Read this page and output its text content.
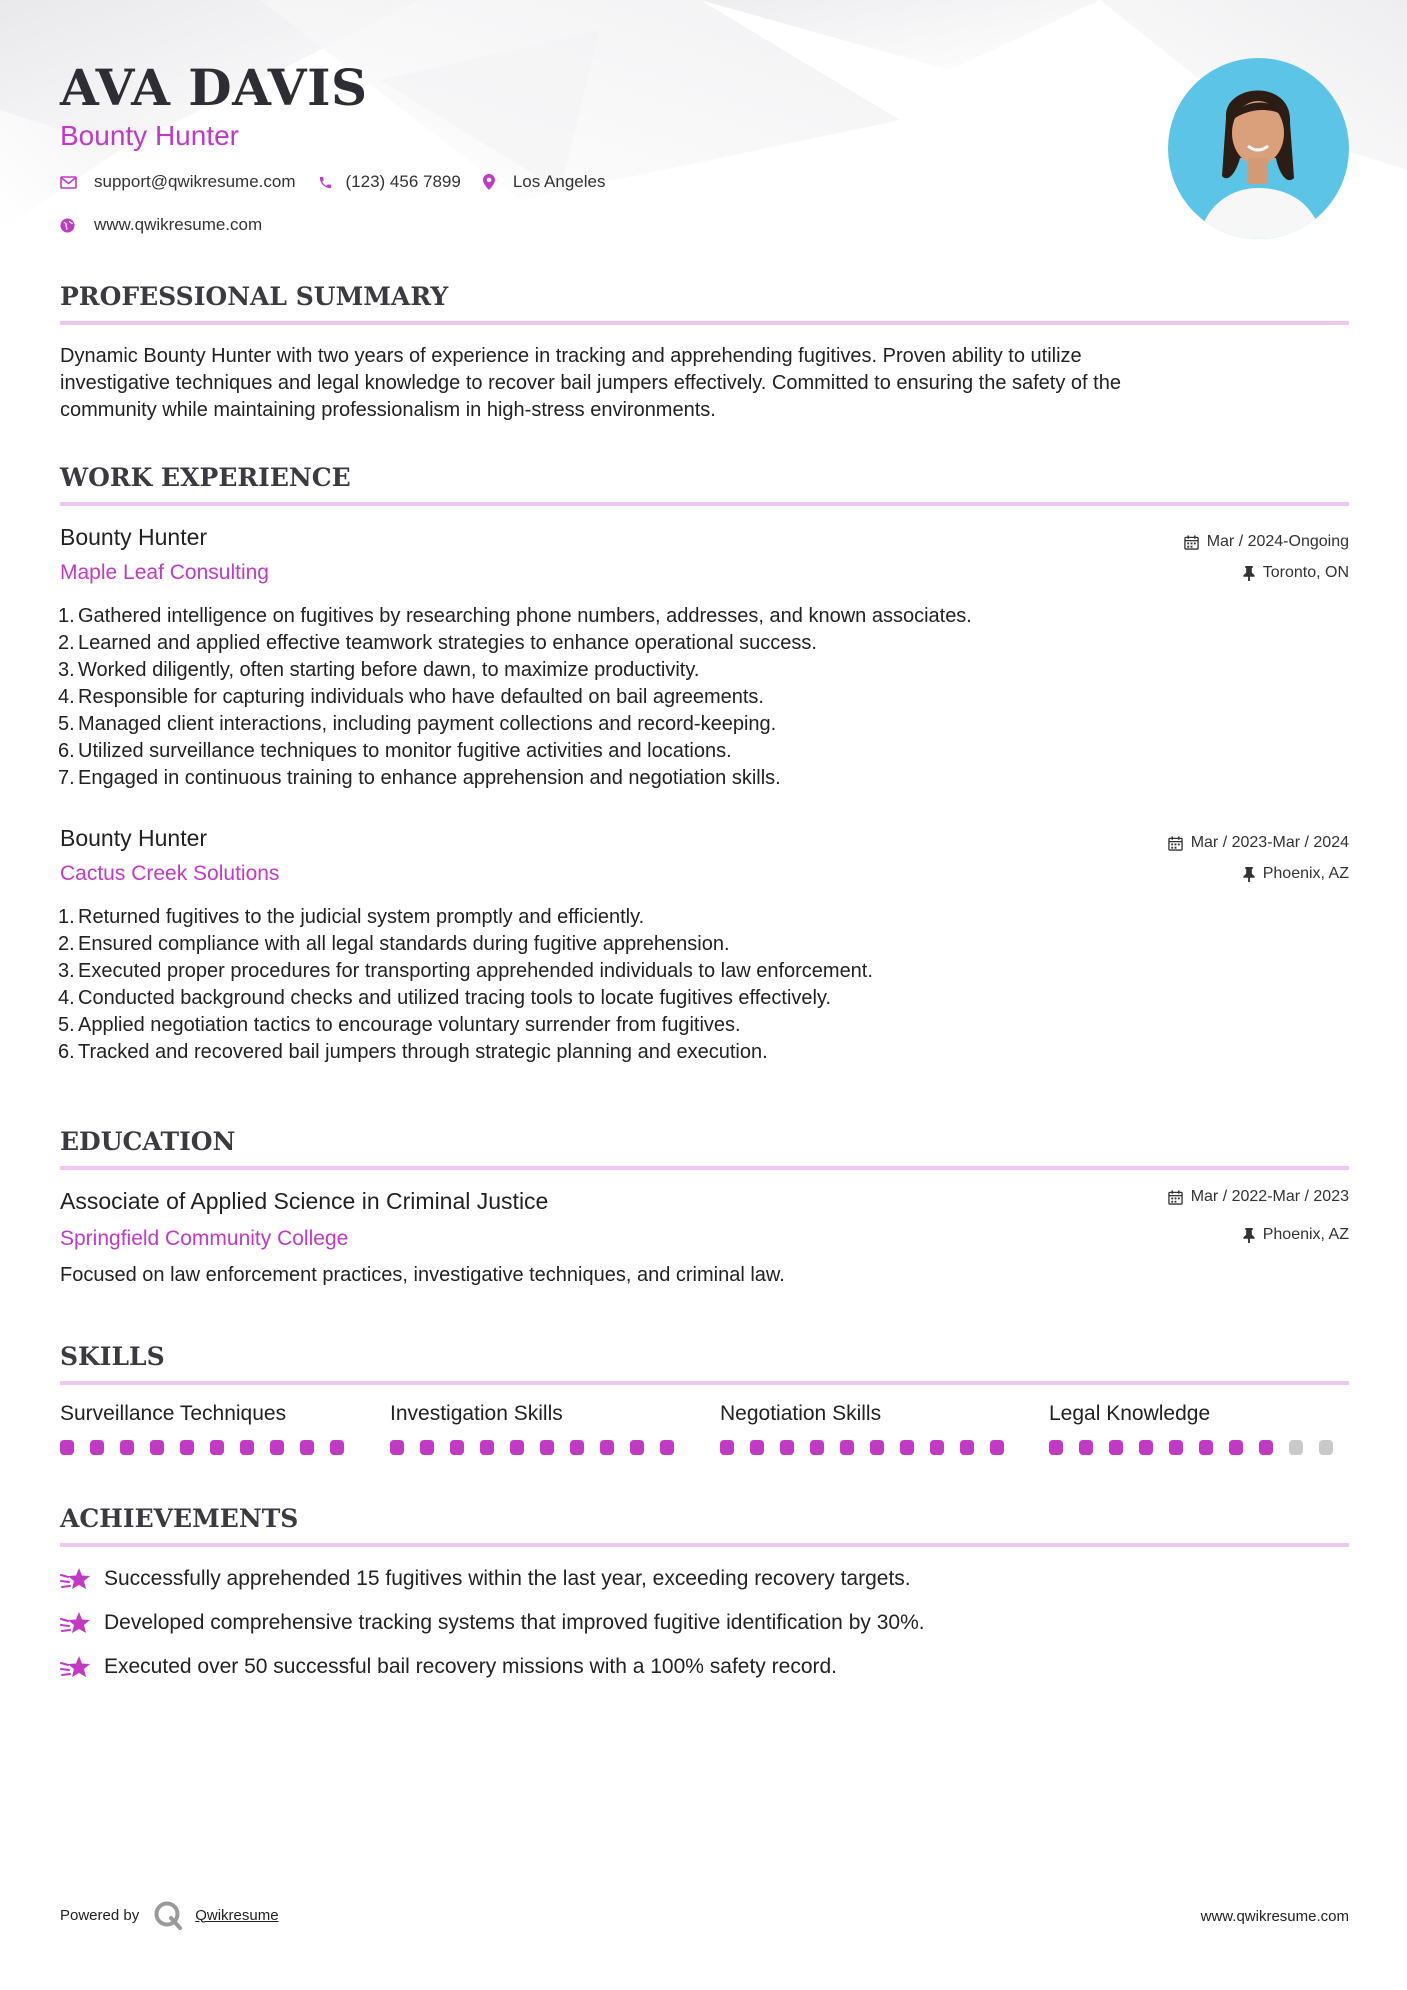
AVA DAVIS
Bounty Hunter
support@qwikresume.com	(123) 456 7899	Los Angeles
www.qwikresume.com
PROFESSIONAL SUMMARY
Dynamic Bounty Hunter with two years of experience in tracking and apprehending fugitives. Proven ability to utilize
investigative techniques and legal knowledge to recover bail jumpers effectively. Committed to ensuring the safety of the
community while maintaining professionalism in high-stress environments.
WORK EXPERIENCE
Bounty Hunter
Maple Leaf Consulting
Mar / 2024-Ongoing
Toronto, ON
1. Gathered intelligence on fugitives by researching phone numbers, addresses, and known associates.
2. Learned and applied effective teamwork strategies to enhance operational success.
3. Worked diligently, often starting before dawn, to maximize productivity.
4. Responsible for capturing individuals who have defaulted on bail agreements.
5. Managed client interactions, including payment collections and record-keeping.
6. Utilized surveillance techniques to monitor fugitive activities and locations.
7. Engaged in continuous training to enhance apprehension and negotiation skills.
Bounty Hunter
Cactus Creek Solutions
Mar / 2023-Mar / 2024
Phoenix, AZ
1. Returned fugitives to the judicial system promptly and efficiently.
2. Ensured compliance with all legal standards during fugitive apprehension.
3. Executed proper procedures for transporting apprehended individuals to law enforcement.
4. Conducted background checks and utilized tracing tools to locate fugitives effectively.
5. Applied negotiation tactics to encourage voluntary surrender from fugitives.
6. Tracked and recovered bail jumpers through strategic planning and execution.
EDUCATION
Associate of Applied Science in Criminal Justice
Springfield Community College
Mar / 2022-Mar / 2023
Phoenix, AZ
Focused on law enforcement practices, investigative techniques, and criminal law.
SKILLS
Surveillance Techniques	Investigation Skills	Negotiation Skills	Legal Knowledge
ACHIEVEMENTS
Successfully apprehended 15 fugitives within the last year, exceeding recovery targets.
Developed comprehensive tracking systems that improved fugitive identification by 30%.
Executed over 50 successful bail recovery missions with a 100% safety record.
Powered by	Qwikresume	www.qwikresume.com
